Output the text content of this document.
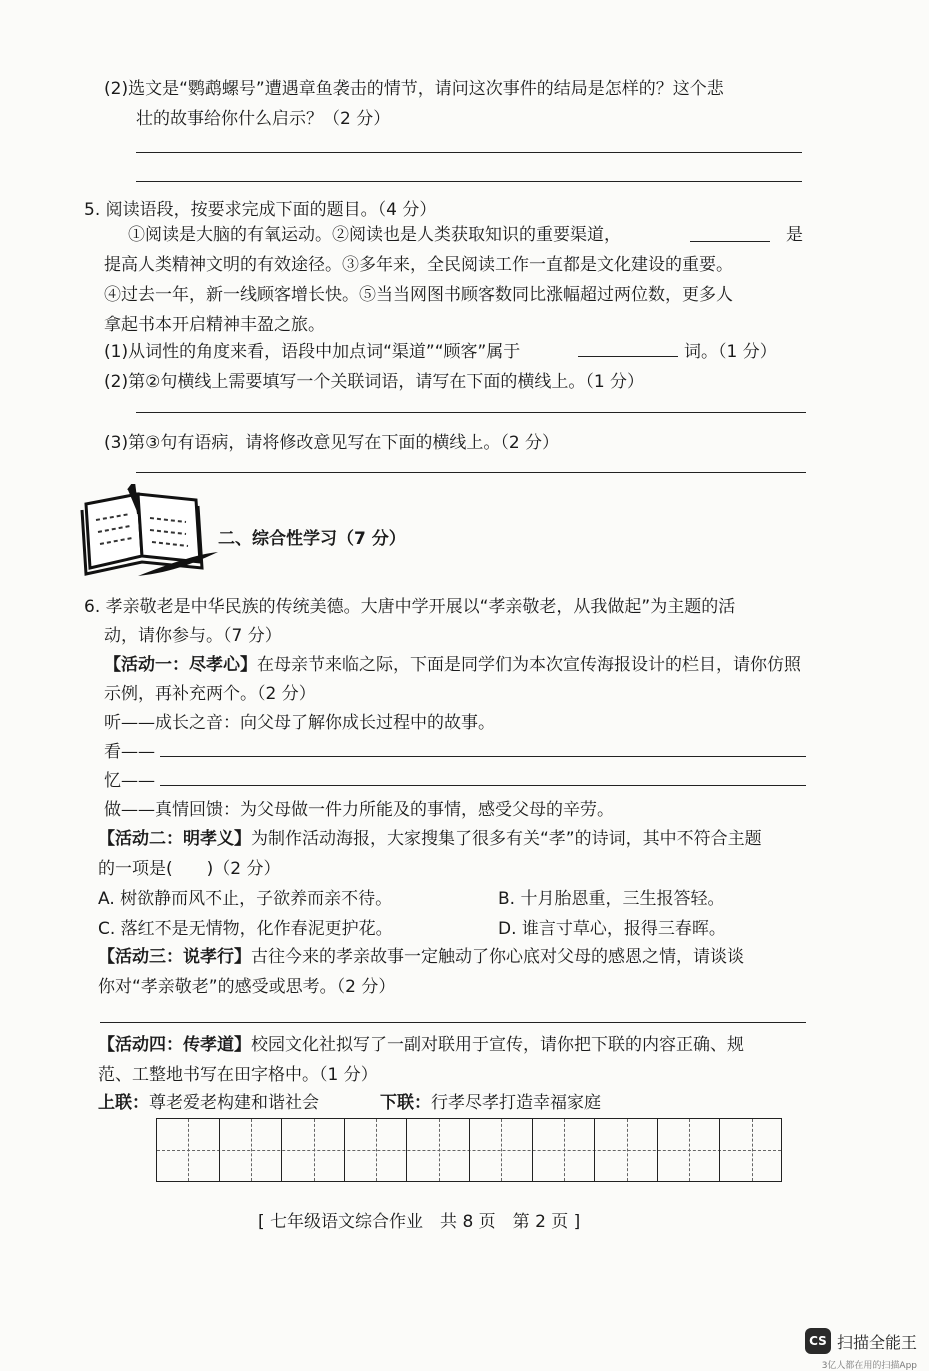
(2)选文是“鹦鹉螺号”遭遇章鱼袭击的情节，请问这次事件的结局是怎样的？这个悲
壮的故事给你什么启示？（2 分）
5. 阅读语段，按要求完成下面的题目。（4 分）
①阅读是大脑的有氧运动。②阅读也是人类获取知识的重要渠道，	是
提高人类精神文明的有效途径。③多年来，全民阅读工作一直都是文化建设的重要。
④过去一年，新一线顾客增长快。⑤当当网图书顾客数同比涨幅超过两位数，更多人
拿起书本开启精神丰盈之旅。
(1)从词性的角度来看，语段中加点词“渠道”“顾客”属于	词。（1 分）
(2)第②句横线上需要填写一个关联词语，请写在下面的横线上。（1 分）
(3)第③句有语病，请将修改意见写在下面的横线上。（2 分）
二、综合性学习（7 分）
6. 孝亲敬老是中华民族的传统美德。大唐中学开展以“孝亲敬老，从我做起”为主题的活
动，请你参与。（7 分）
【活动一：尽孝心】在母亲节来临之际，下面是同学们为本次宣传海报设计的栏目，请你仿照
示例，再补充两个。（2 分）
听——成长之音：向父母了解你成长过程中的故事。
看——
忆——
做——真情回馈：为父母做一件力所能及的事情，感受父母的辛劳。
【活动二：明孝义】为制作活动海报，大家搜集了很多有关“孝”的诗词，其中不符合主题
的一项是(　　)（2 分）
A. 树欲静而风不止，子欲养而亲不待。	B. 十月胎恩重，三生报答轻。
C. 落红不是无情物，化作春泥更护花。	D. 谁言寸草心，报得三春晖。
【活动三：说孝行】古往今来的孝亲故事一定触动了你心底对父母的感恩之情，请谈谈
你对“孝亲敬老”的感受或思考。（2 分）
【活动四：传孝道】校园文化社拟写了一副对联用于宣传，请你把下联的内容正确、规
范、工整地书写在田字格中。（1 分）
上联：尊老爱老构建和谐社会	下联：行孝尽孝打造幸福家庭
[ 七年级语文综合作业　共 8 页　第 2 页 ]
CS 扫描全能王
3亿人都在用的扫描App
